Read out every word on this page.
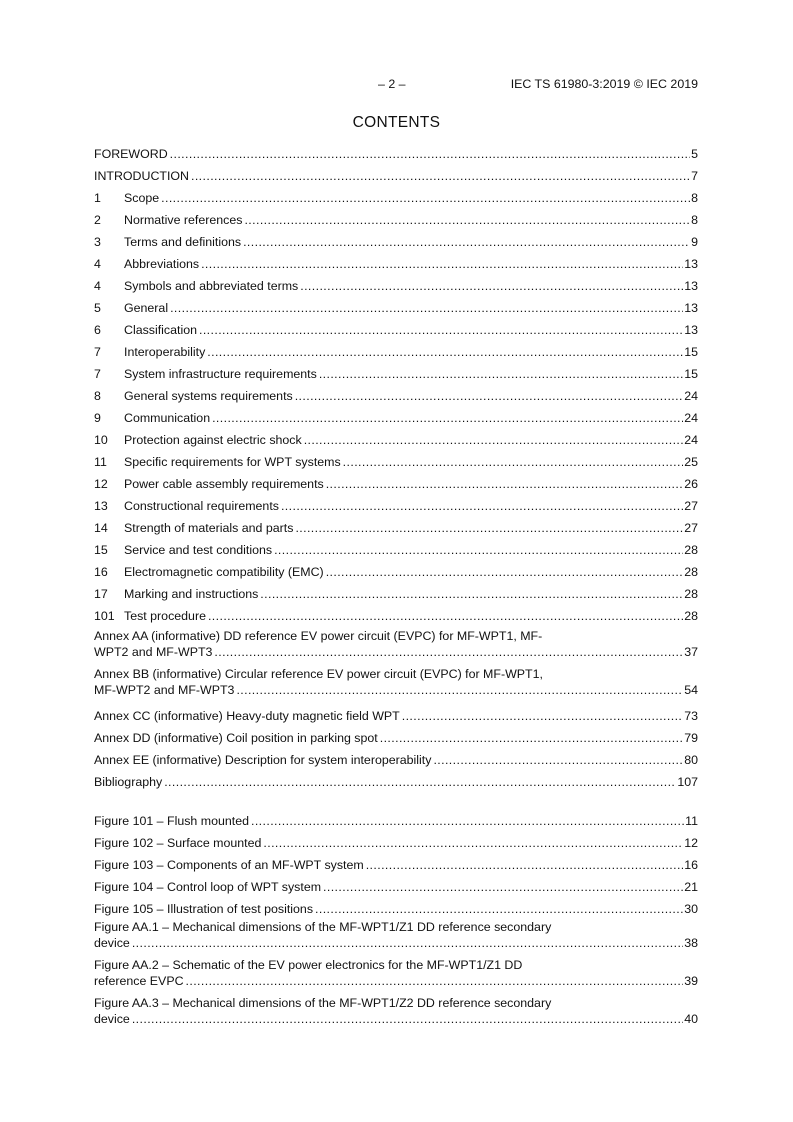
– 2 –	IEC TS 61980-3:2019 © IEC 2019
CONTENTS
FOREWORD .....	5
INTRODUCTION .....	7
1	Scope .....	8
2	Normative references .....	8
3	Terms and definitions .....	9
4	Abbreviations .....	13
4	Symbols and abbreviated terms .....	13
5	General .....	13
6	Classification .....	13
7	Interoperability .....	15
7	System infrastructure requirements .....	15
8	General systems requirements .....	24
9	Communication .....	24
10	Protection against electric shock .....	24
11	Specific requirements for WPT systems .....	25
12	Power cable assembly requirements .....	26
13	Constructional requirements .....	27
14	Strength of materials and parts .....	27
15	Service and test conditions .....	28
16	Electromagnetic compatibility (EMC) .....	28
17	Marking and instructions .....	28
101 Test procedure .....	28
Annex AA (informative) DD reference EV power circuit (EVPC) for MF-WPT1, MF-
WPT2 and MF-WPT3 .....	37
Annex BB (informative) Circular reference EV power circuit (EVPC) for MF-WPT1,
MF-WPT2 and MF-WPT3 .....	54
Annex CC (informative) Heavy-duty magnetic field WPT .....	73
Annex DD (informative) Coil position in parking spot .....	79
Annex EE (informative) Description for system interoperability .....	80
Bibliography .....	107
Figure 101 – Flush mounted .....	11
Figure 102 – Surface mounted .....	12
Figure 103 – Components of an MF-WPT system .....	16
Figure 104 – Control loop of WPT system .....	21
Figure 105 – Illustration of test positions .....	30
Figure AA.1 – Mechanical dimensions of the MF-WPT1/Z1 DD reference secondary
device .....	38
Figure AA.2 – Schematic of the EV power electronics for the MF-WPT1/Z1 DD
reference EVPC .....	39
Figure AA.3 – Mechanical dimensions of the MF-WPT1/Z2 DD reference secondary
device .....	40
